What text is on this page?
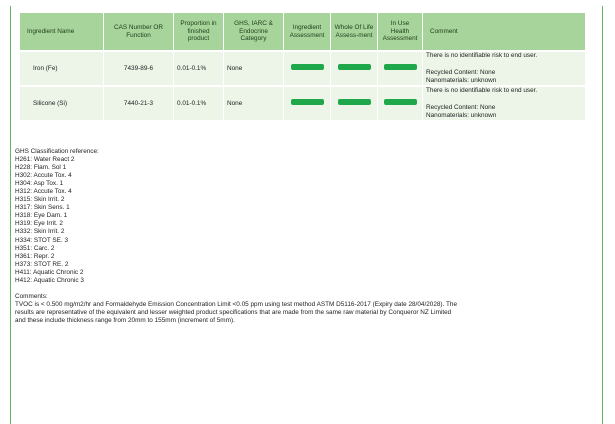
Ingredient Name	CAS Number OR Function	Proportion in finished product	GHS, IARC & Endocrine Category	Ingredient Assessment	Whole Of Life Assess-ment	In Use Health Assessment	Comment
Iron (Fe)	7439-89-6	0.01-0.1%	None				There is no identifiable risk to end user.
Recycled Content: None
Nanomaterials: unknown

Silicone (Si)	7440-21-3	0.01-0.1%	None				There is no identifiable risk to end user.
Recycled Content: None
Nanomaterials: unknown
GHS Classification reference:
H261: Water React 2
H228: Flam. Sol 1
H302: Accute Tox. 4
H304: Asp Tox. 1
H312: Accute Tox. 4
H315: Skin Irrit. 2
H317: Skin Sens. 1
H318: Eye Dam. 1
H319: Eye Irrit. 2
H332: Skin Irrit. 2
H334: STOT SE. 3
H351: Carc. 2
H361: Repr. 2
H373: STOT RE. 2
H411: Aquatic Chronic 2
H412: Aquatic Chronic 3
Comments:
TVOC is < 0.500 mg/m2/hr and Formaldehyde Emission Concentration Limit <0.05 ppm using test method ASTM D5116-2017 (Expiry date 28/04/2028). The
results are representative of the equivalent and lesser weighted product specifications that are made from the same raw material by Conqueror NZ Limited
and these include thickness range from 20mm to 155mm (increment of 5mm).
